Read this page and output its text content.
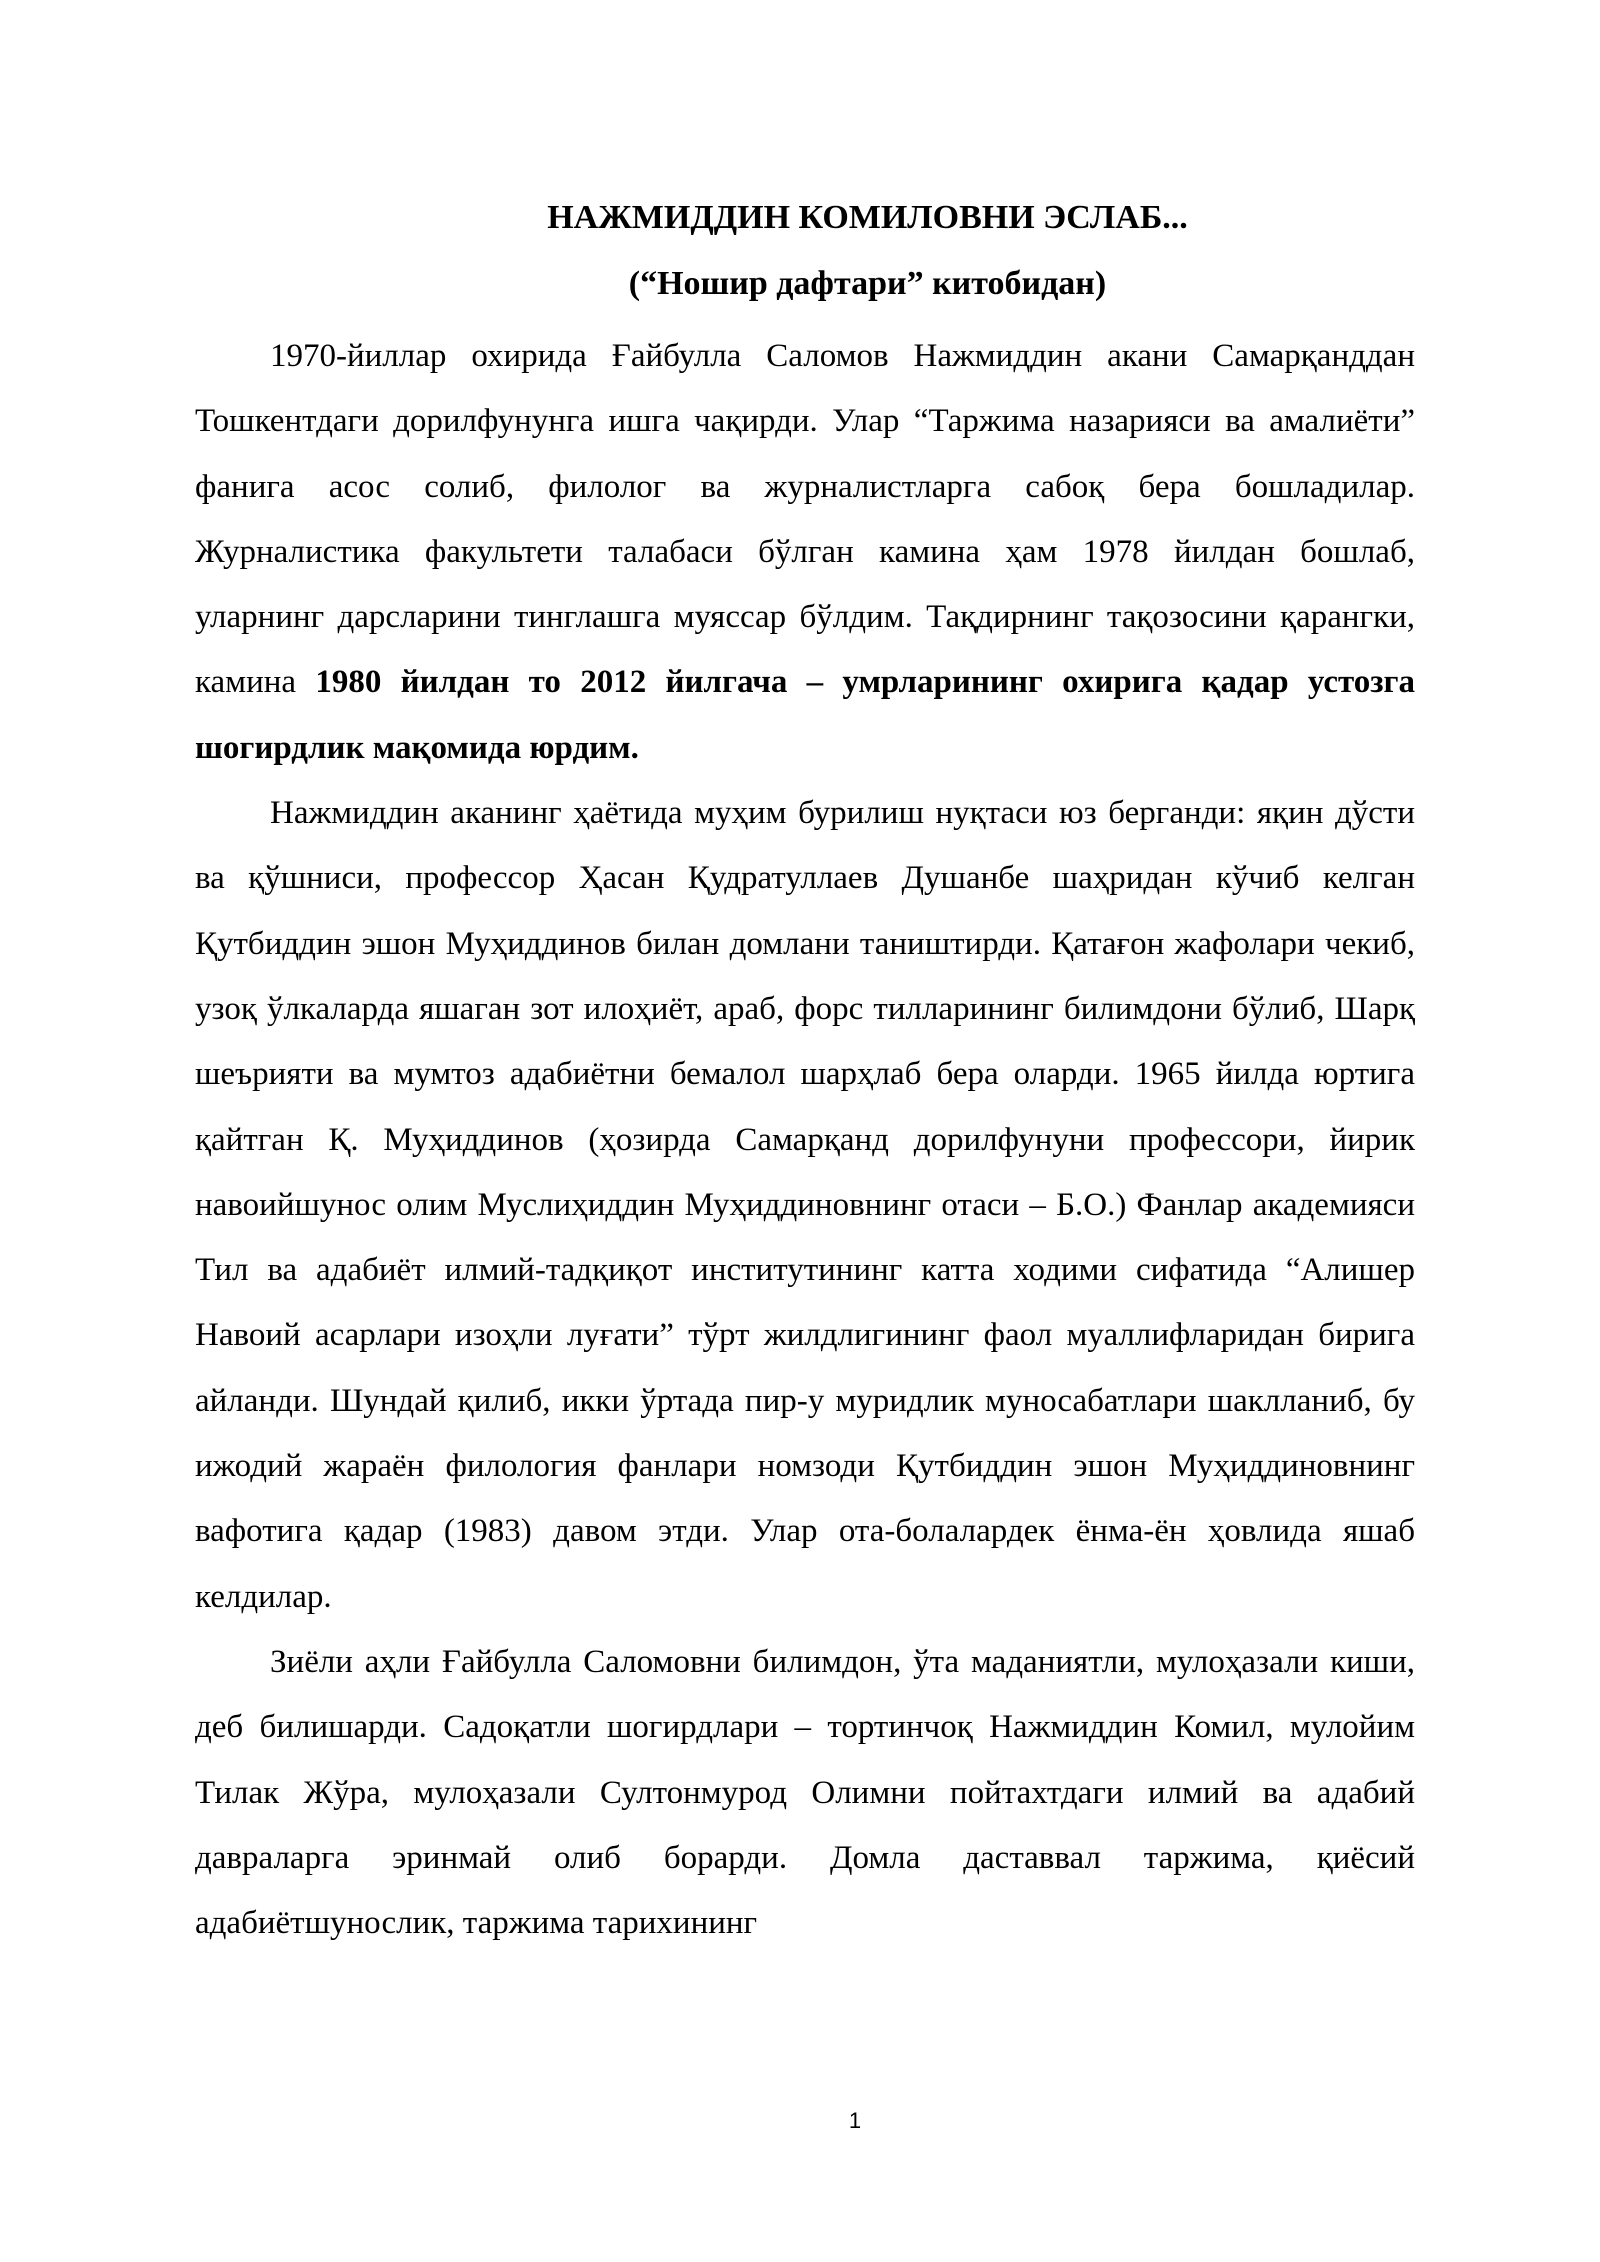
НАЖМИДДИН КОМИЛОВНИ ЭСЛАБ...
(“Ношир дафтари” китобидан)

1970-йиллар охирида Ғайбулла Саломов Нажмиддин акани Самарқанддан Тошкентдаги дорилфунунга ишга чақирди. Улар “Таржима назарияси ва амалиёти” фанига асос солиб, филолог ва журналистларга сабоқ бера бошладилар. Журналистика факультети талабаси бўлган камина ҳам 1978 йилдан бошлаб, уларнинг дарсларини тинглашга муяссар бўлдим. Тақдирнинг тақозосини қарангки, камина 1980 йилдан то 2012 йилгача – умрларининг охирига қадар устозга шогирдлик мақомида юрдим.

Нажмиддин аканинг ҳаётида муҳим бурилиш нуқтаси юз берганди: яқин дўсти ва қўшниси, профессор Ҳасан Қудратуллаев Душанбе шаҳридан кўчиб келган Қутбиддин эшон Муҳиддинов билан домлани таништирди. Қатағон жафолари чекиб, узоқ ўлкаларда яшаган зот илоҳиёт, араб, форс тилларининг билимдони бўлиб, Шарқ шеърияти ва мумтоз адабиётни бемалол шарҳлаб бера оларди. 1965 йилда юртига қайтган Қ. Муҳиддинов (ҳозирда Самарқанд дорилфунуни профессори, йирик навоийшунос олим Муслиҳиддин Муҳиддиновнинг отаси – Б.О.) Фанлар академияси Тил ва адабиёт илмий-тадқиқот институтининг катта ходими сифатида “Алишер Навоий асарлари изоҳли луғати” тўрт жилдлигининг фаол муаллифларидан бирига айланди. Шундай қилиб, икки ўртада пир-у муридлик муносабатлари шаклланиб, бу ижодий жараён филология фанлари номзоди Қутбиддин эшон Муҳиддиновнинг вафотига қадар (1983) давом этди. Улар ота-болалардек ёнма-ён ҳовлида яшаб келдилар.

Зиёли аҳли Ғайбулла Саломовни билимдон, ўта маданиятли, мулоҳазали киши, деб билишарди. Садоқатли шогирдлари – тортинчоқ Нажмиддин Комил, мулойим Тилак Жўра, мулоҳазали Султонмурод Олимни пойтахтдаги илмий ва адабий давраларга эринмай олиб борарди. Домла даставвал таржима, қиёсий адабиётшунослик, таржима тарихининг

1
